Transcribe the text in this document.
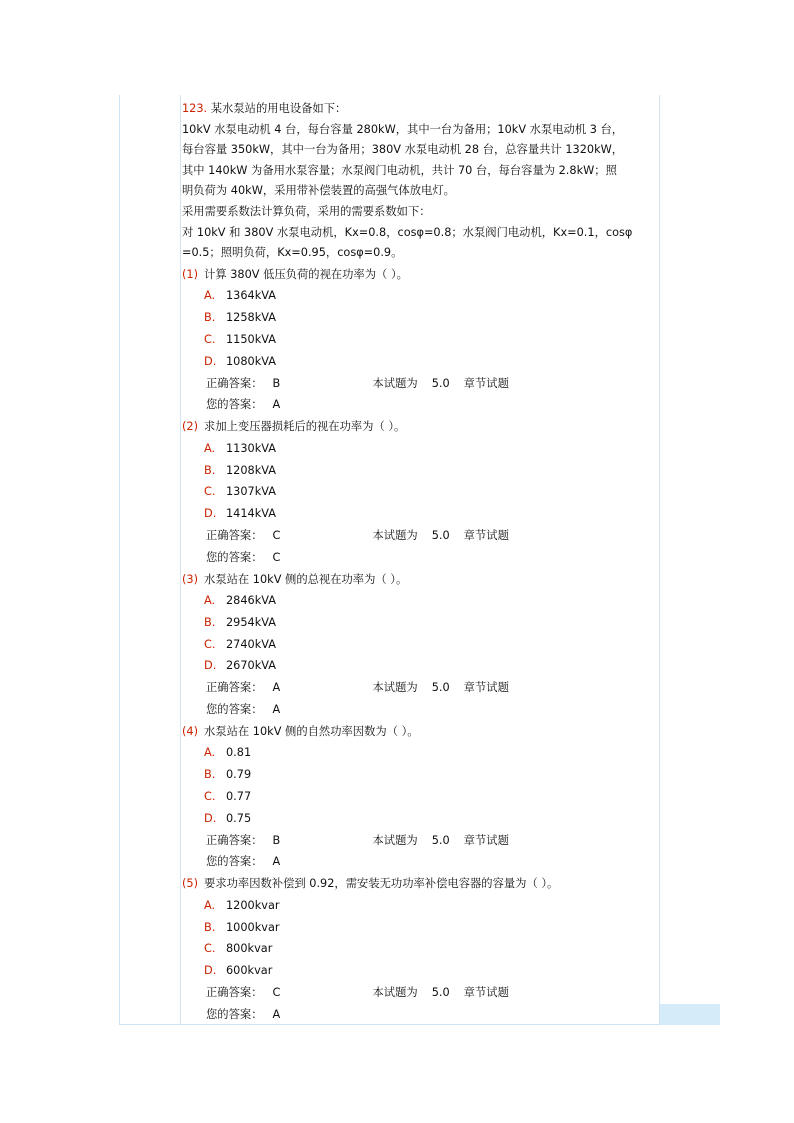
123. 某水泵站的用电设备如下：
10kV 水泵电动机 4 台，每台容量 280kW，其中一台为备用；10kV 水泵电动机 3 台，
每台容量 350kW，其中一台为备用；380V 水泵电动机 28 台，总容量共计 1320kW，
其中 140kW 为备用水泵容量；水泵阀门电动机，共计 70 台，每台容量为 2.8kW；照
明负荷为 40kW，采用带补偿装置的高强气体放电灯。
采用需要系数法计算负荷，采用的需要系数如下：
对 10kV 和 380V 水泵电动机，Kx=0.8，cosφ=0.8；水泵阀门电动机，Kx=0.1，cosφ
=0.5；照明负荷，Kx=0.95，cosφ=0.9。
(1) 计算 380V 低压负荷的视在功率为（ ）。
A. 1364kVA
B. 1258kVA
C. 1150kVA
D. 1080kVA
正确答案： B	本试题为 5.0 章节试题
您的答案： A
(2) 求加上变压器损耗后的视在功率为（ ）。
A. 1130kVA
B. 1208kVA
C. 1307kVA
D. 1414kVA
正确答案： C	本试题为 5.0 章节试题
您的答案： C
(3) 水泵站在 10kV 侧的总视在功率为（ ）。
A. 2846kVA
B. 2954kVA
C. 2740kVA
D. 2670kVA
正确答案： A	本试题为 5.0 章节试题
您的答案： A
(4) 水泵站在 10kV 侧的自然功率因数为（ ）。
A. 0.81
B. 0.79
C. 0.77
D. 0.75
正确答案： B	本试题为 5.0 章节试题
您的答案： A
(5) 要求功率因数补偿到 0.92，需安装无功功率补偿电容器的容量为（ ）。
A. 1200kvar
B. 1000kvar
C. 800kvar
D. 600kvar
正确答案： C	本试题为 5.0 章节试题
您的答案： A
